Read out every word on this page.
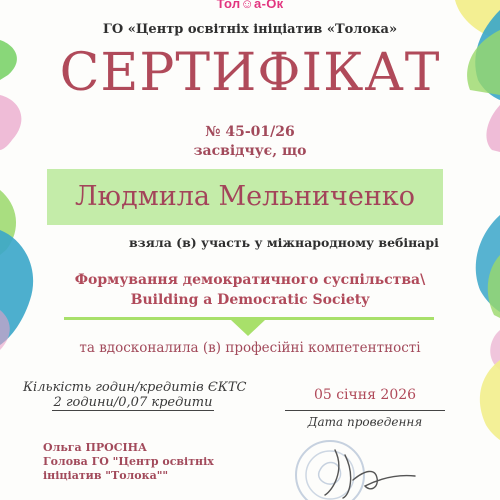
Тол☺а-Ок
ГО «Центр освітніх ініціатив «Толока»
СЕРТИФІКАТ
№ 45-01/26
засвідчує, що
Людмила Мельниченко
взяла (в) участь у міжнародному вебінарі
Формування демократичного суспільства\
Building a Democratic Society
та вдосконалила (в) професійні компетентності
Кількість годин/кредитів ЄКТС
2 години/0,07 кредити	05 січня 2026
Дата проведення
Ольга ПРОСІНА
Голова ГО "Центр освітніх
ініціатив "Толока""
